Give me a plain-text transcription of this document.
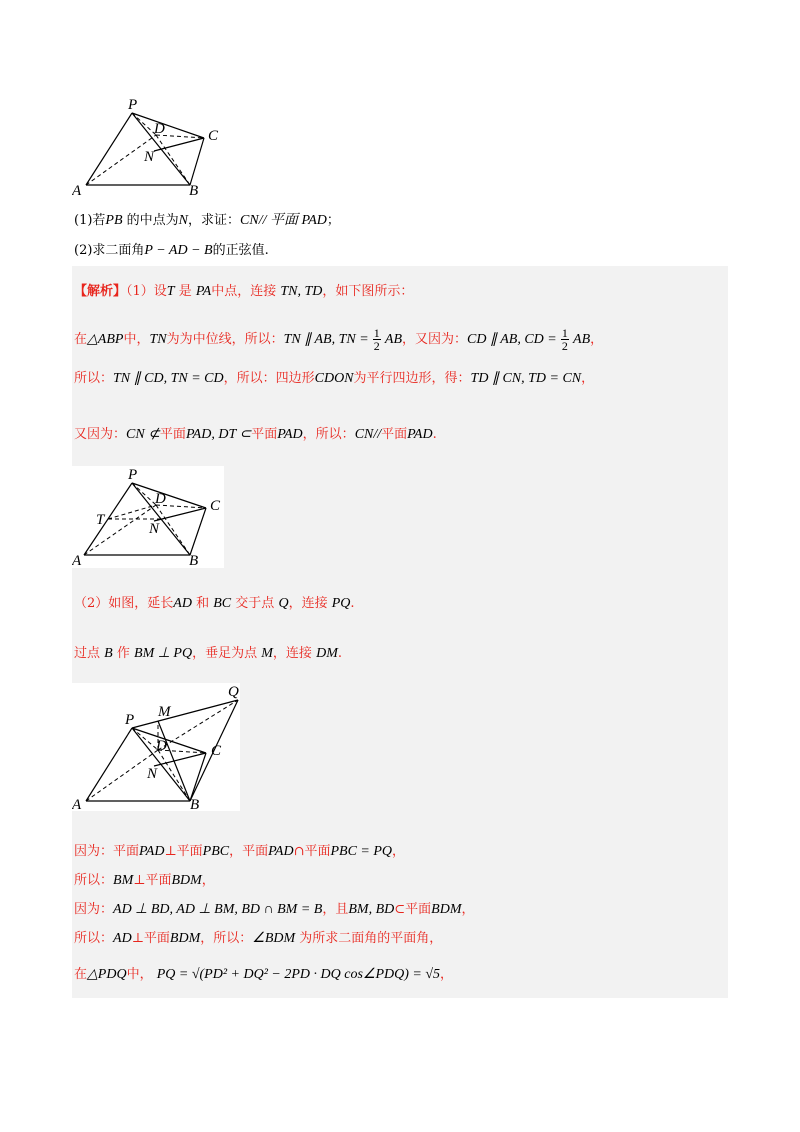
P
D	C
N
A	B
(1)若PB 的中点为N，求证：CN// 平面 PAD；
(2)求二面角P − AD − B的正弦值.
【解析】（1）设T 是 PA中点，连接 TN, TD，如下图所示：
在△ABP中，TN为为中位线，所以：TN ∥ AB, TN = $\frac{1}{2}$ AB，又因为：CD ∥ AB, CD = $\frac{1}{2}$ AB，
所以：TN ∥ CD, TN = CD，所以：四边形CDON为平行四边形，得：TD ∥ CN, TD = CN，
又因为：CN ⊄平面PAD, DT ⊂平面PAD，所以：CN//平面PAD.
P
D	C
T
N
A	B
（2）如图，延长AD 和 BC 交于点 Q，连接 PQ.
过点 B 作 BM ⊥ PQ，垂足为点 M，连接 DM.
Q
M
P
D	C
N
A	B
因为：平面PAD⊥平面PBC，平面PAD∩平面PBC = PQ，
所以：BM⊥平面BDM，
因为：AD ⊥ BD, AD ⊥ BM, BD ∩ BM = B，且BM, BD⊂平面BDM，
所以：AD⊥平面BDM，所以：∠BDM 为所求二面角的平面角，
在△PDQ中， PQ = √(PD² + DQ² − 2PD · DQ cos∠PDQ) = √5，
